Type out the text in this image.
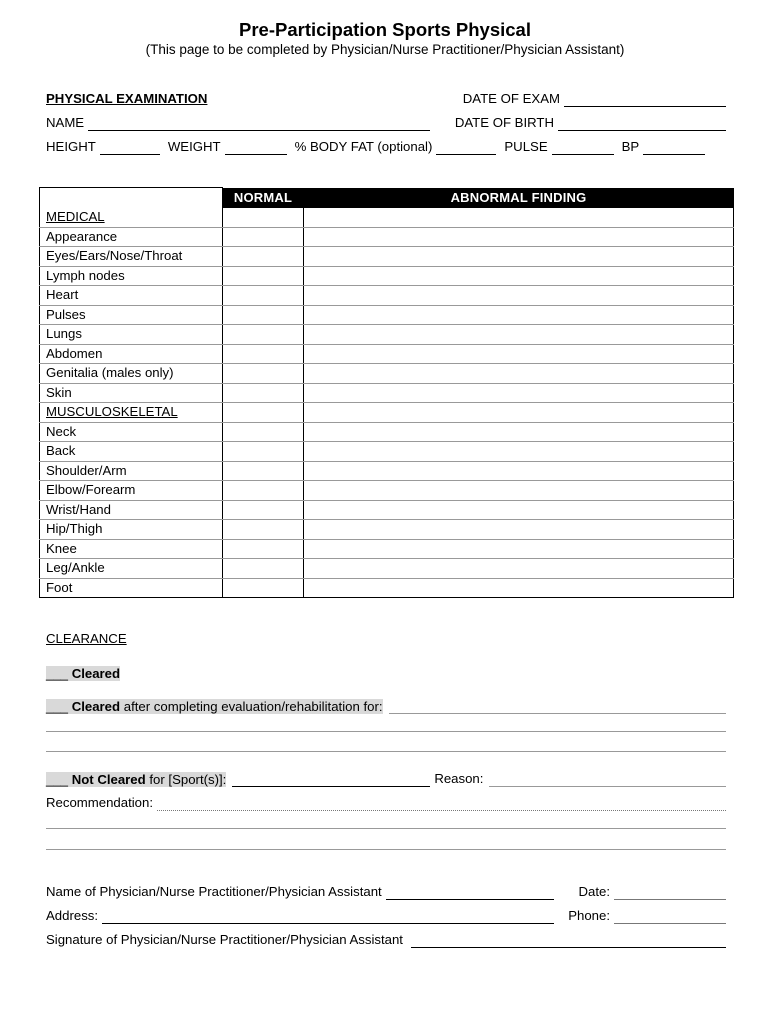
Pre-Participation Sports Physical
(This page to be completed by Physician/Nurse Practitioner/Physician Assistant)
PHYSICAL EXAMINATION	DATE OF EXAM
NAME	DATE OF BIRTH
HEIGHT	WEIGHT	% BODY FAT (optional)	PULSE	BP
	NORMAL	ABNORMAL FINDING
MEDICAL		
Appearance		
Eyes/Ears/Nose/Throat		
Lymph nodes		
Heart		
Pulses		
Lungs		
Abdomen		
Genitalia (males only)		
Skin		
MUSCULOSKELETAL		
Neck		
Back		
Shoulder/Arm		
Elbow/Forearm		
Wrist/Hand		
Hip/Thigh		
Knee		
Leg/Ankle		
Foot		
CLEARANCE
___ Cleared
___ Cleared after completing evaluation/rehabilitation for:
___ Not Cleared for [Sport(s)]:	Reason:
Recommendation:
Name of Physician/Nurse Practitioner/Physician Assistant	Date:
Address:	Phone:
Signature of Physician/Nurse Practitioner/Physician Assistant
